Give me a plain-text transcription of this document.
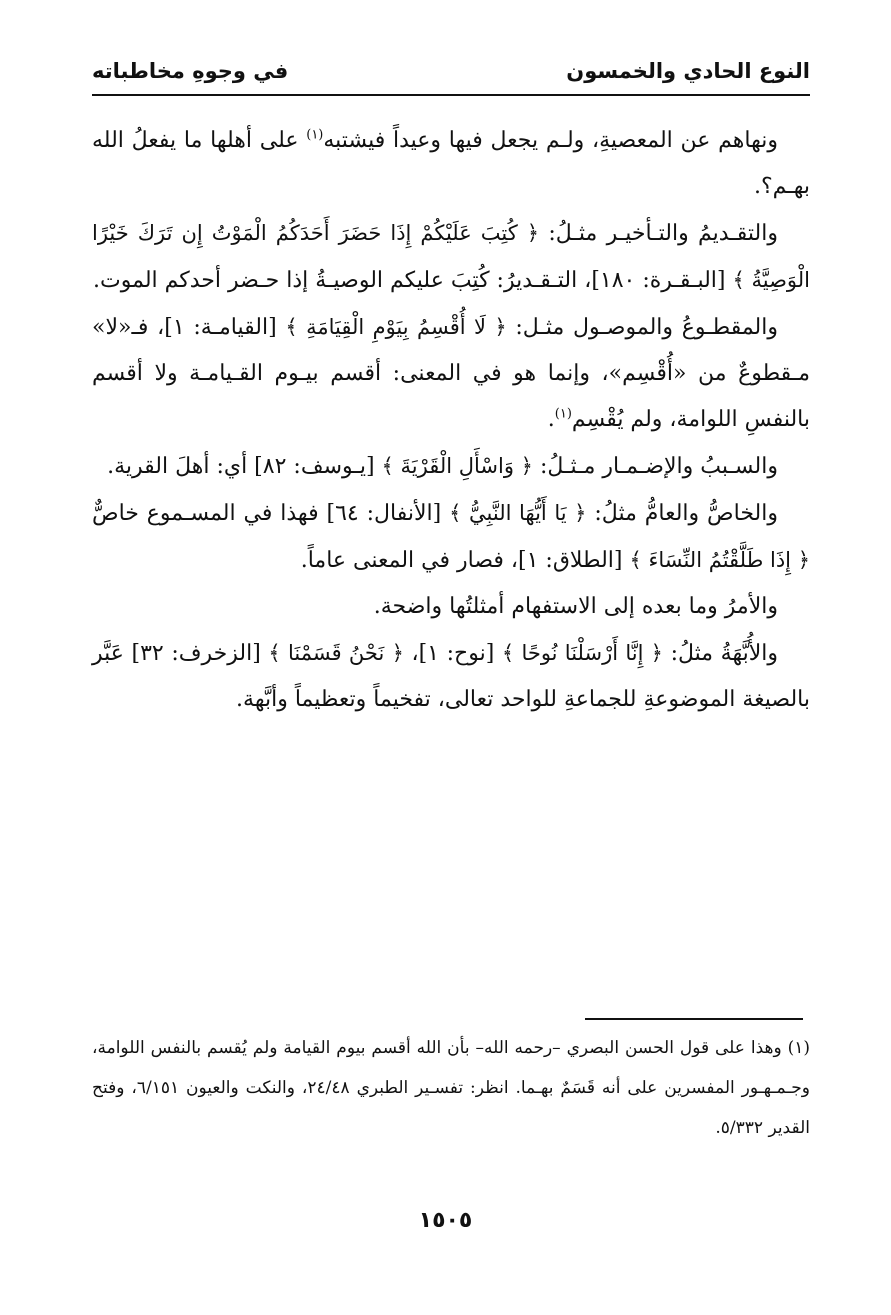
النوع الحادي والخمسون
في وجوهِ مخاطباته

ونهاهم عن المعصيةِ، ولـم يجعل فيها وعيداً فيشتبه$^{(١)}$ على أهلها ما يفعلُ الله بهـم؟.

والتقـديمُ والتـأخيـر مثـلُ: ﴿ كُتِبَ عَلَيْكُمْ إِذَا حَضَرَ أَحَدَكُمُ الْمَوْتُ إِن تَرَكَ خَيْرًا الْوَصِيَّةُ ﴾ [البـقـرة: ١٨٠]، التـقـديرُ: كُتِبَ عليكم الوصيـةُ إذا حـضر أحدكم الموت.

والمقطـوعُ والموصـول مثـل: ﴿ لَا أُقْسِمُ بِيَوْمِ الْقِيَامَةِ ﴾ [القيامـة: ١]، فـ«لا» مـقطوعٌ من «أُقْسِم»، وإنما هو في المعنى: أقسم بيـوم القـيامـة ولا أقسم بالنفسِ اللوامة، ولم يُقْسِم$^{(١)}$.

والسـببُ والإضـمـار مـثـلُ: ﴿ وَاسْأَلِ الْقَرْيَةَ ﴾ [يـوسف: ٨٢] أي: أهلَ القرية.

والخاصُّ والعامُّ مثلُ: ﴿ يَا أَيُّهَا النَّبِيُّ ﴾ [الأنفال: ٦٤] فهذا في المسـموع خاصٌّ ﴿ إِذَا طَلَّقْتُمُ النِّسَاءَ ﴾ [الطلاق: ١]، فصار في المعنى عاماً.

والأمرُ وما بعده إلى الاستفهام أمثلتُها واضحة.

والأُبَّهَةُ مثلُ: ﴿ إِنَّا أَرْسَلْنَا نُوحًا ﴾ [نوح: ١]، ﴿ نَحْنُ قَسَمْنَا ﴾ [الزخرف: ٣٢] عَبَّر بالصيغة الموضوعةِ للجماعةِ للواحد تعالى، تفخيماً وتعظيماً وأبَّهة.

(١) وهذا على قول الحسن البصري –رحمه الله– بأن الله أقسم بيوم القيامة ولم يُقسم بالنفس اللوامة، وجـمـهـور المفسرين على أنه قَسَمٌ بهـما. انظر: تفسـير الطبري ٢٤/٤٨، والنكت والعيون ٦/١٥١، وفتح القدير ٥/٣٣٢.

١٥٠٥
